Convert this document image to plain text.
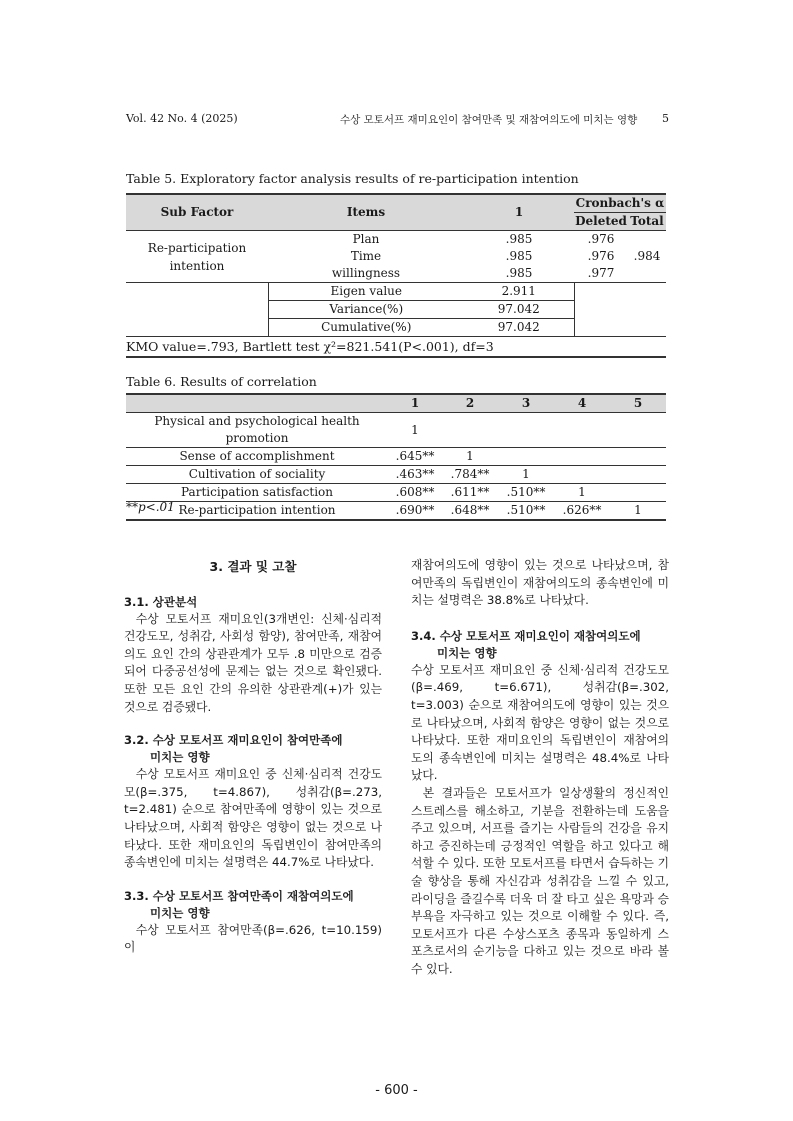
Vol. 42 No. 4 (2025)	수상 모토서프 재미요인이 참여만족 및 재참여의도에 미치는 영향 5
Table 5. Exploratory factor analysis results of re-participation intention
Sub Factor	Items	1	Cronbach's α	
			Deleted	Total
Re-participation intention	Plan	.985	.976	.984
	Time	.985	.976	
	willingness	.985	.977	
	Eigen value	2.911		
	Variance(%)	97.042		
	Cumulative(%)	97.042		
KMO value=.793, Bartlett test χ²=821.541(P<.001), df=3				
Table 6. Results of correlation
	1	2	3	4	5
Physical and psychological health promotion	1				
Sense of accomplishment	.645**	1			
Cultivation of sociality	.463**	.784**	1		
Participation satisfaction	.608**	.611**	.510**	1	
Re-participation intention	.690**	.648**	.510**	.626**	1
**p<.01

3. 결과 및 고찰

3.1. 상관분석

수상 모토서프 재미요인(3개변인: 신체·심리적 건강도모, 성취감, 사회성 함양), 참여만족, 재참여의도 요인 간의 상관관계가 모두 .8 미만으로 검증되어 다중공선성에 문제는 없는 것으로 확인됐다. 또한 모든 요인 간의 유의한 상관관계(+)가 있는 것으로 검증됐다.

3.2. 수상 모토서프 재미요인이 참여만족에

미치는 영향

수상 모토서프 재미요인 중 신체·심리적 건강도모(β=.375, t=4.867), 성취감(β=.273, t=2.481) 순으로 참여만족에 영향이 있는 것으로 나타났으며, 사회적 함양은 영향이 없는 것으로 나타났다. 또한 재미요인의 독립변인이 참여만족의 종속변인에 미치는 설명력은 44.7%로 나타났다.

3.3. 수상 모토서프 참여만족이 재참여의도에

미치는 영향

수상 모토서프 참여만족(β=.626, t=10.159)이

재참여의도에 영향이 있는 것으로 나타났으며, 참여만족의 독립변인이 재참여의도의 종속변인에 미치는 설명력은 38.8%로 나타났다.

3.4. 수상 모토서프 재미요인이 재참여의도에

미치는 영향

수상 모토서프 재미요인 중 신체·심리적 건강도모(β=.469, t=6.671), 성취감(β=.302, t=3.003) 순으로 재참여의도에 영향이 있는 것으로 나타났으며, 사회적 함양은 영향이 없는 것으로 나타났다. 또한 재미요인의 독립변인이 재참여의도의 종속변인에 미치는 설명력은 48.4%로 나타났다.

본 결과들은 모토서프가 일상생활의 정신적인 스트레스를 해소하고, 기분을 전환하는데 도움을 주고 있으며, 서프를 즐기는 사람들의 건강을 유지하고 증진하는데 긍정적인 역할을 하고 있다고 해석할 수 있다. 또한 모토서프를 타면서 습득하는 기술 향상을 통해 자신감과 성취감을 느낄 수 있고, 라이딩을 즐길수록 더욱 더 잘 타고 싶은 욕망과 승부욕을 자극하고 있는 것으로 이해할 수 있다. 즉, 모토서프가 다른 수상스포츠 종목과 동일하게 스포츠로서의 순기능을 다하고 있는 것으로 바라 볼 수 있다.

- 600 -
